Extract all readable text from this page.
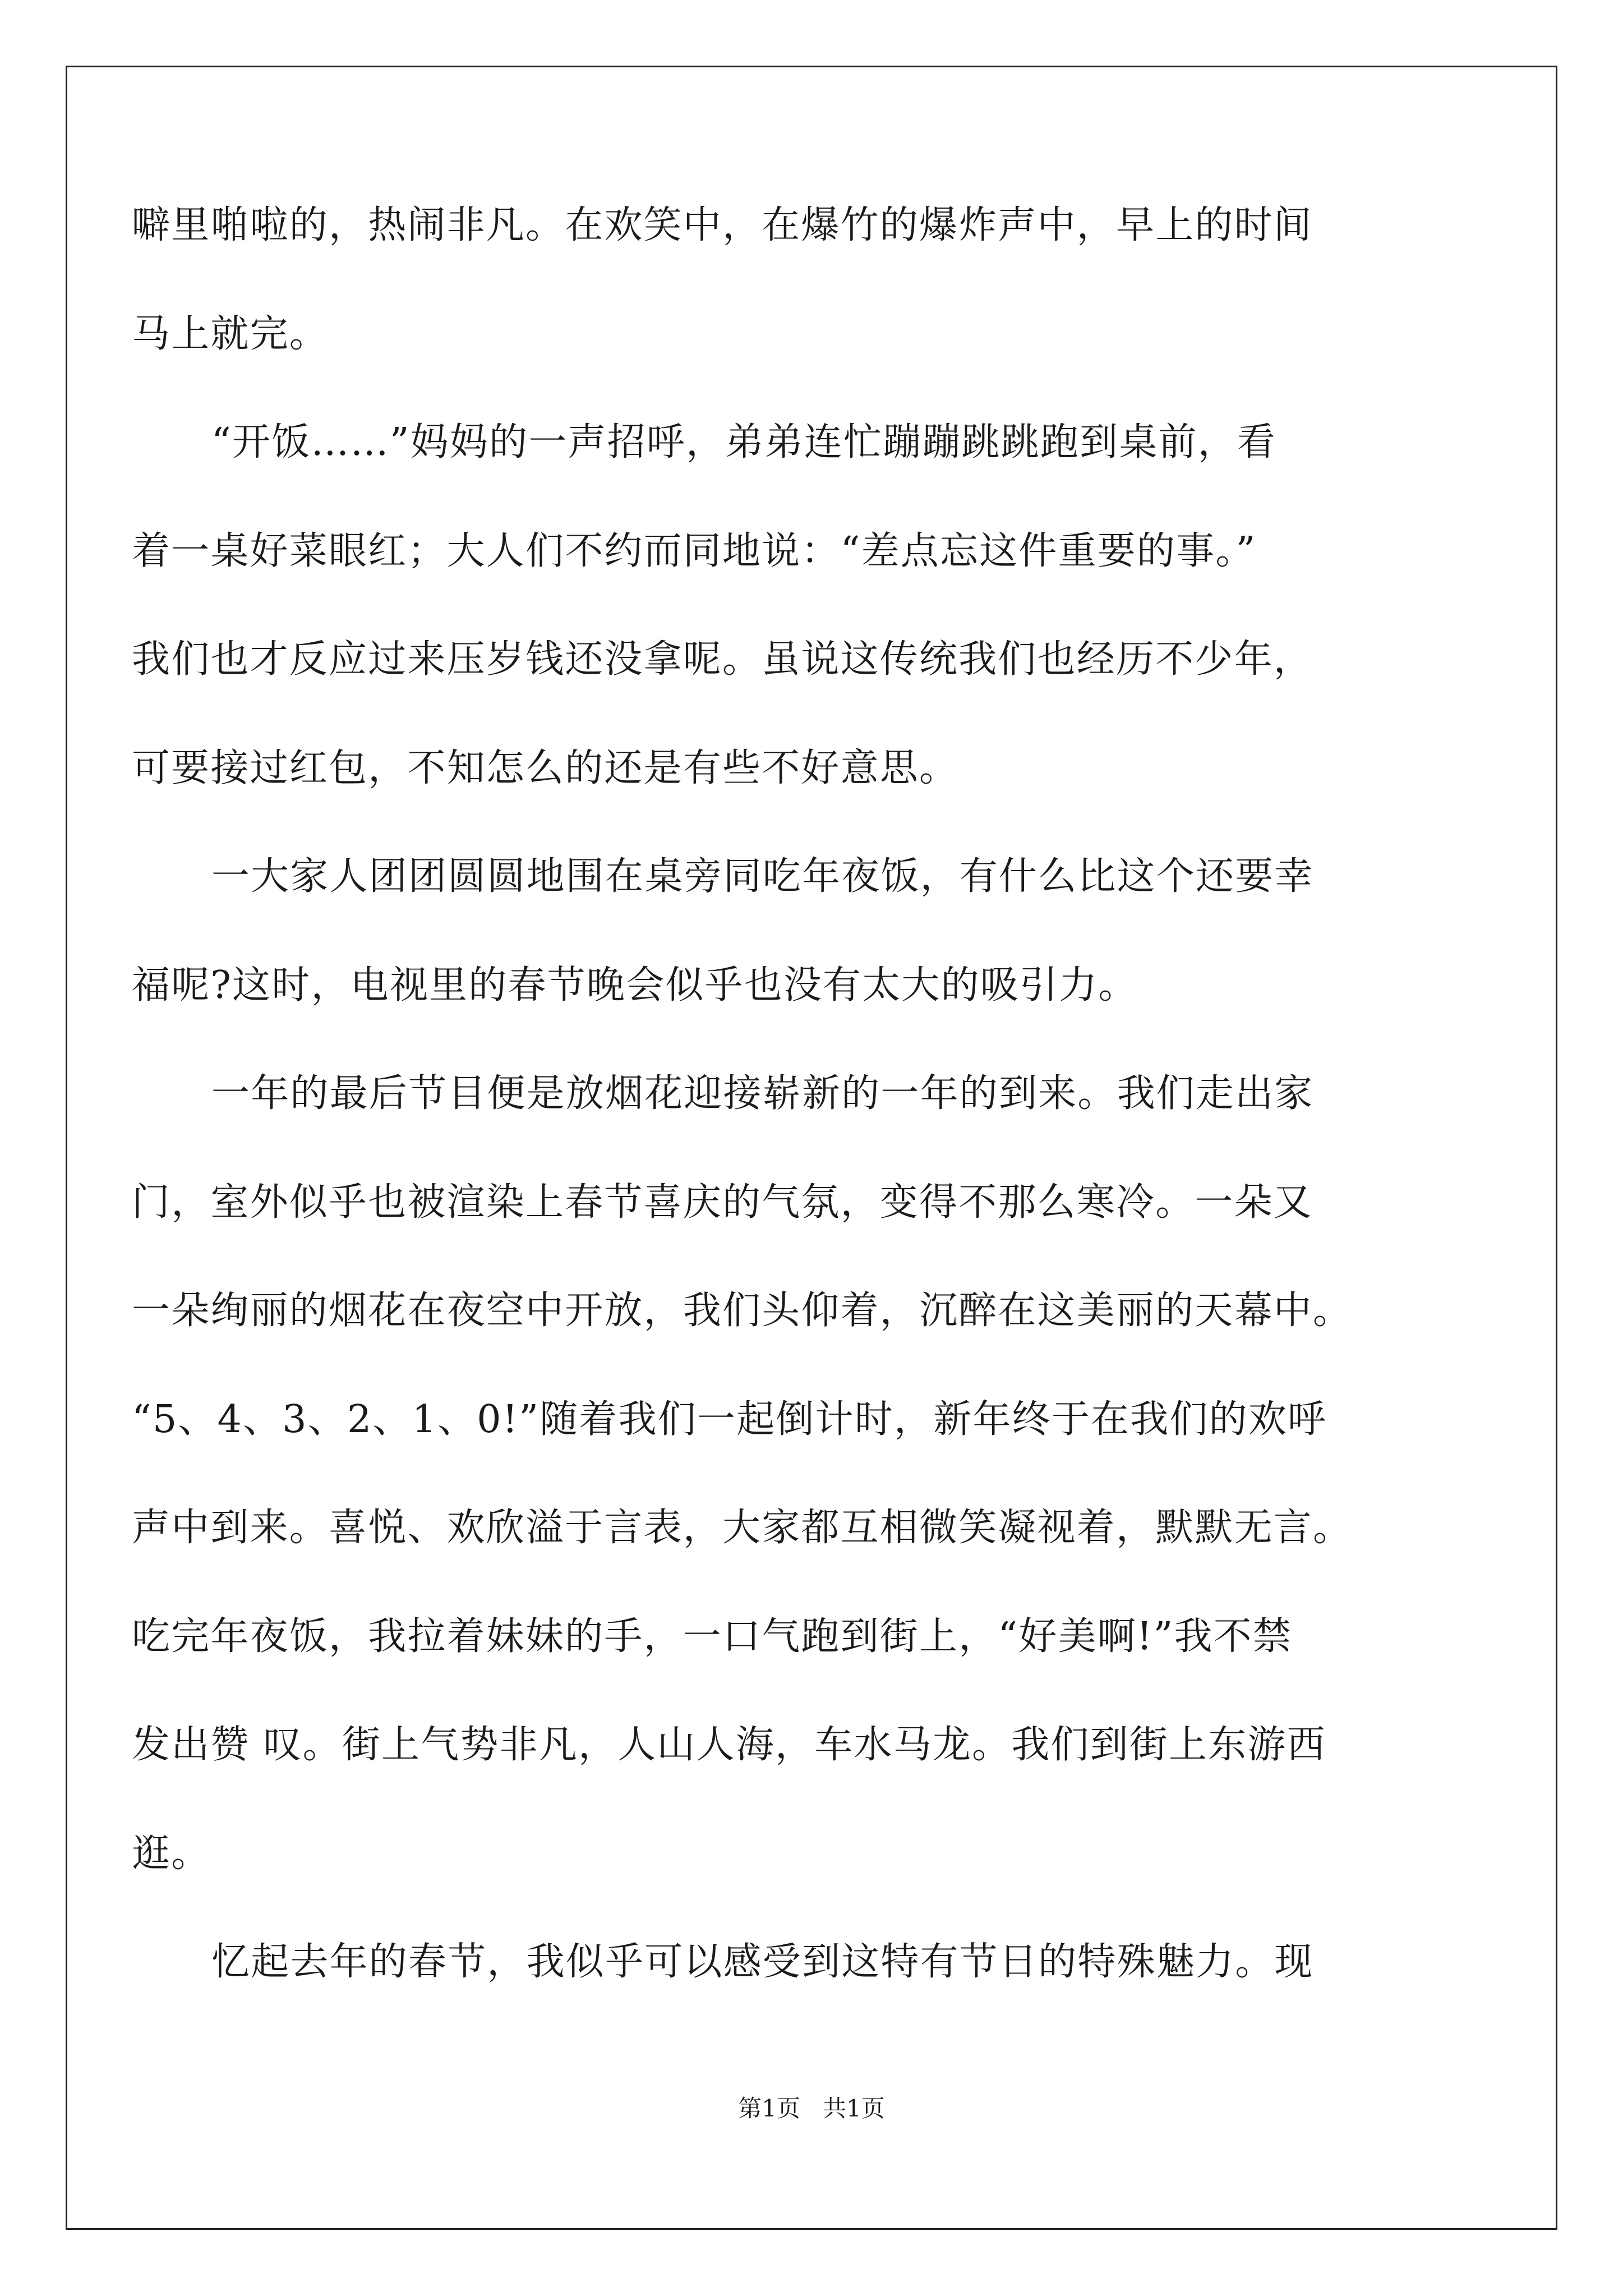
噼里啪啦的，热闹非凡。在欢笑中，在爆竹的爆炸声中，早上的时间
马上就完。
“开饭……”妈妈的一声招呼，弟弟连忙蹦蹦跳跳跑到桌前，看
着一桌好菜眼红；大人们不约而同地说：“差点忘这件重要的事。”
我们也才反应过来压岁钱还没拿呢。虽说这传统我们也经历不少年，
可要接过红包，不知怎么的还是有些不好意思。
一大家人团团圆圆地围在桌旁同吃年夜饭，有什么比这个还要幸
福呢?这时，电视里的春节晚会似乎也没有太大的吸引力。
一年的最后节目便是放烟花迎接崭新的一年的到来。我们走出家
门，室外似乎也被渲染上春节喜庆的气氛，变得不那么寒冷。一朵又
一朵绚丽的烟花在夜空中开放，我们头仰着，沉醉在这美丽的天幕中。
“5、4、3、2、1、0!”随着我们一起倒计时，新年终于在我们的欢呼
声中到来。喜悦、欢欣溢于言表，大家都互相微笑凝视着，默默无言。
吃完年夜饭，我拉着妹妹的手，一口气跑到街上，“好美啊!”我不禁
发出赞 叹。街上气势非凡，人山人海，车水马龙。我们到街上东游西
逛。
忆起去年的春节，我似乎可以感受到这特有节日的特殊魅力。现
第1页   共1页
